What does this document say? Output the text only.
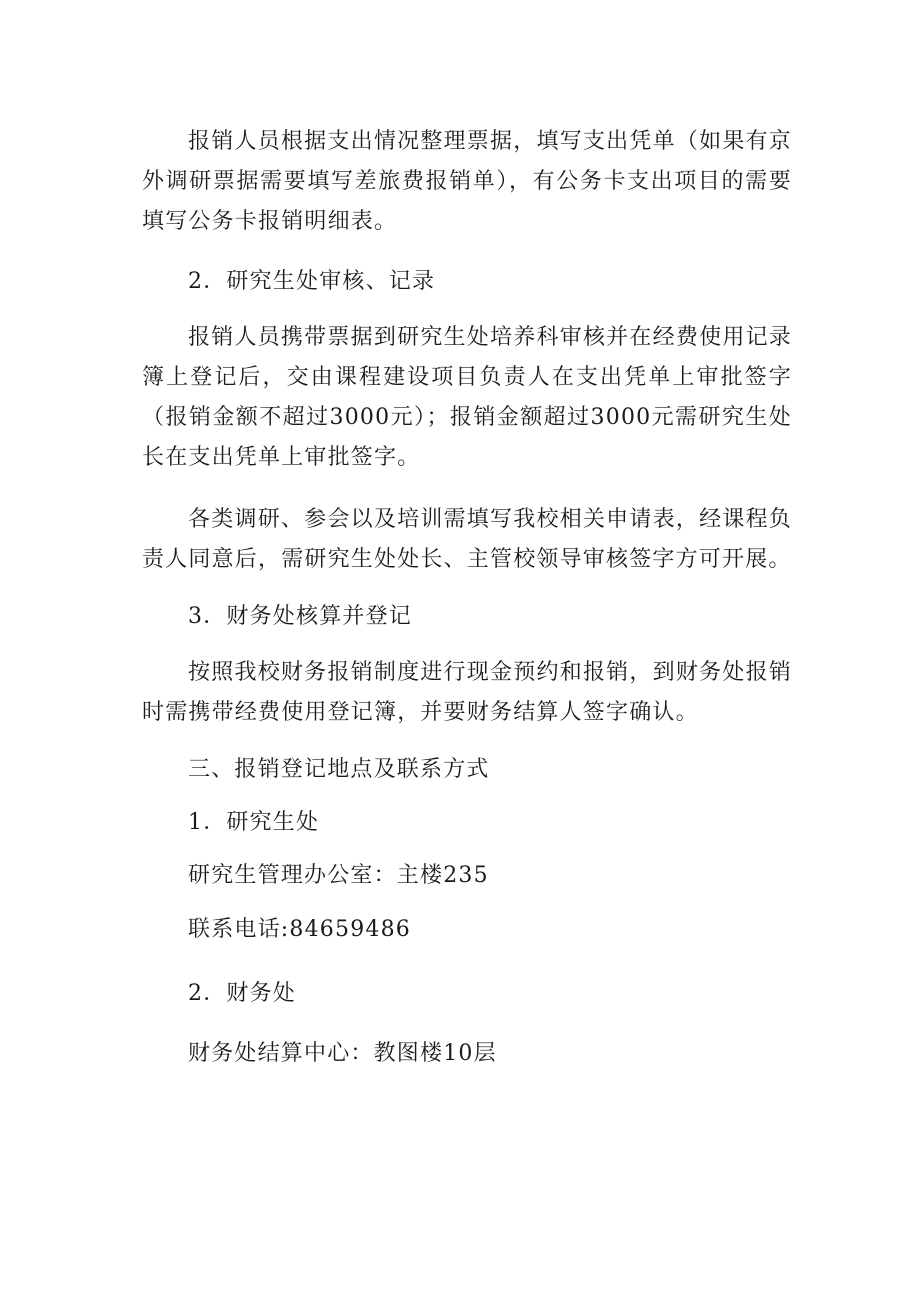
报销人员根据支出情况整理票据，填写支出凭单（如果有京外调研票据需要填写差旅费报销单），有公务卡支出项目的需要填写公务卡报销明细表。

2．研究生处审核、记录

报销人员携带票据到研究生处培养科审核并在经费使用记录簿上登记后，交由课程建设项目负责人在支出凭单上审批签字（报销金额不超过3000元）；报销金额超过3000元需研究生处长在支出凭单上审批签字。

各类调研、参会以及培训需填写我校相关申请表，经课程负责人同意后，需研究生处处长、主管校领导审核签字方可开展。

3．财务处核算并登记

按照我校财务报销制度进行现金预约和报销，到财务处报销时需携带经费使用登记簿，并要财务结算人签字确认。

三、报销登记地点及联系方式

1．研究生处

研究生管理办公室：主楼235

联系电话:84659486

2．财务处

财务处结算中心：教图楼10层
